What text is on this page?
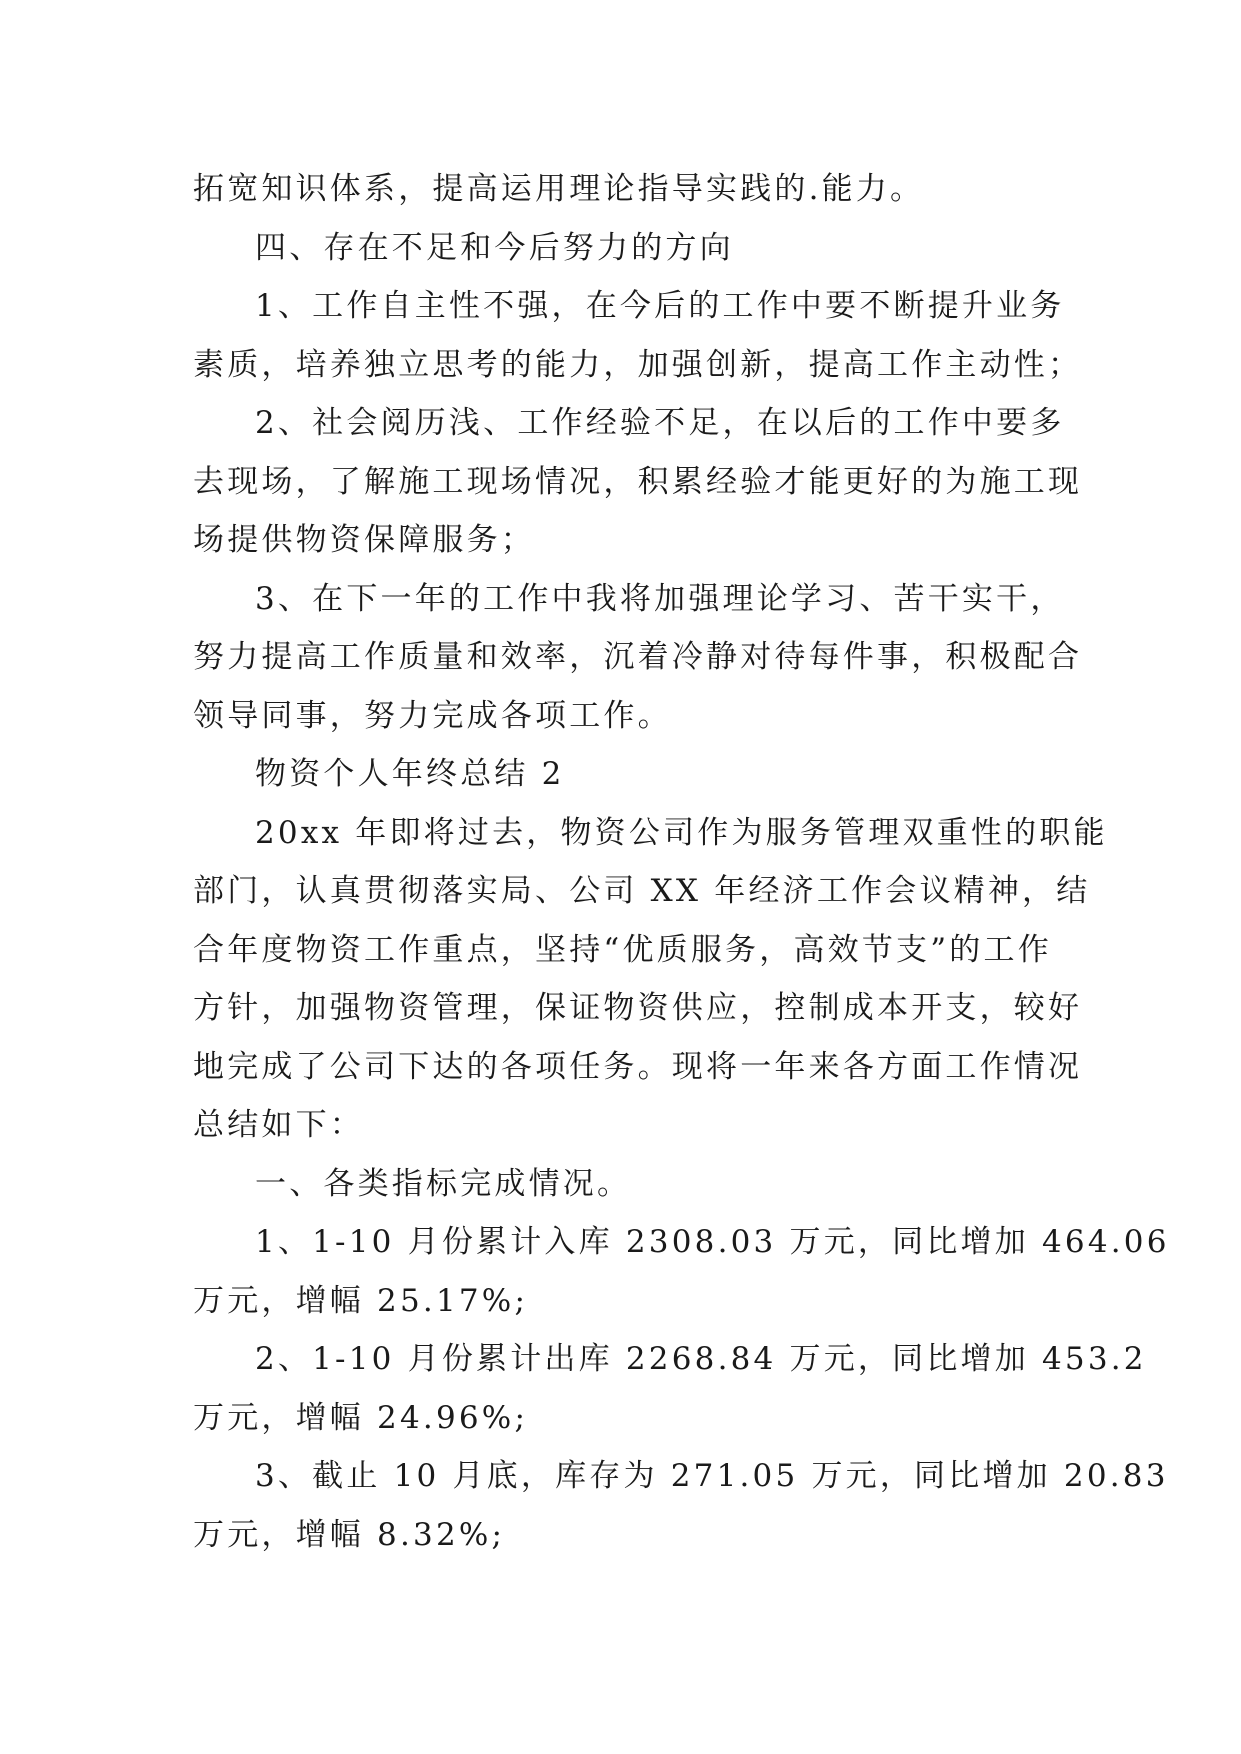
拓宽知识体系，提高运用理论指导实践的.能力。
四、存在不足和今后努力的方向
1、工作自主性不强，在今后的工作中要不断提升业务
素质，培养独立思考的能力，加强创新，提高工作主动性；
2、社会阅历浅、工作经验不足，在以后的工作中要多
去现场，了解施工现场情况，积累经验才能更好的为施工现
场提供物资保障服务；
3、在下一年的工作中我将加强理论学习、苦干实干，
努力提高工作质量和效率，沉着冷静对待每件事，积极配合
领导同事，努力完成各项工作。
物资个人年终总结 2
20xx 年即将过去，物资公司作为服务管理双重性的职能
部门，认真贯彻落实局、公司 XX 年经济工作会议精神，结
合年度物资工作重点，坚持“优质服务，高效节支”的工作
方针，加强物资管理，保证物资供应，控制成本开支，较好
地完成了公司下达的各项任务。现将一年来各方面工作情况
总结如下：
一、各类指标完成情况。
1、1-10 月份累计入库 2308.03 万元，同比增加 464.06
万元，增幅 25.17%;
2、1-10 月份累计出库 2268.84 万元，同比增加 453.2
万元，增幅 24.96%;
3、截止 10 月底，库存为 271.05 万元，同比增加 20.83
万元，增幅 8.32%;
